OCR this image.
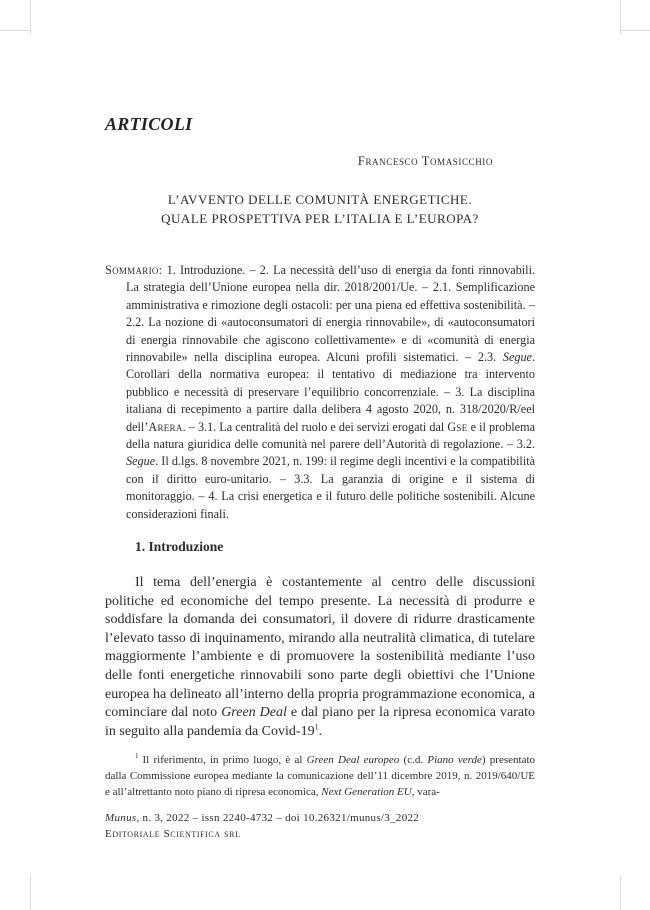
ARTICOLI
Francesco Tomasicchio
L’AVVENTO DELLE COMUNITÀ ENERGETICHE.
QUALE PROSPETTIVA PER L’ITALIA E L’EUROPA?
Sommario: 1. Introduzione. – 2. La necessità dell’uso di energia da fonti rinnovabili. La strategia dell’Unione europea nella dir. 2018/2001/Ue. – 2.1. Semplificazione amministrativa e rimozione degli ostacoli: per una piena ed effettiva sostenibilità. – 2.2. La nozione di «autoconsumatori di energia rinnovabile», di «autoconsumatori di energia rinnovabile che agiscono collettivamente» e di «comunità di energia rinnovabile» nella disciplina europea. Alcuni profili sistematici. – 2.3. Segue. Corollari della normativa europea: il tentativo di mediazione tra intervento pubblico e necessità di preservare l’equilibrio concorrenziale. – 3. La disciplina italiana di recepimento a partire dalla delibera 4 agosto 2020, n. 318/2020/R/eel dell’Arera. – 3.1. La centralità del ruolo e dei servizi erogati dal Gse e il problema della natura giuridica delle comunità nel parere dell’Autorità di regolazione. – 3.2. Segue. Il d.lgs. 8 novembre 2021, n. 199: il regime degli incentivi e la compatibilità con il diritto euro-unitario. – 3.3. La garanzia di origine e il sistema di monitoraggio. – 4. La crisi energetica e il futuro delle politiche sostenibili. Alcune considerazioni finali.
1. Introduzione

Il tema dell’energia è costantemente al centro delle discussioni politiche ed economiche del tempo presente. La necessità di produrre e soddisfare la domanda dei consumatori, il dovere di ridurre drasticamente l’elevato tasso di inquinamento, mirando alla neutralità climatica, di tutelare maggiormente l’ambiente e di promuovere la sostenibilità mediante l’uso delle fonti energetiche rinnovabili sono parte degli obiettivi che l’Unione europea ha delineato all’interno della propria programmazione economica, a cominciare dal noto Green Deal e dal piano per la ripresa economica varato in seguito alla pandemia da Covid-$19^1$.

$^1$ Il riferimento, in primo luogo, è al Green Deal europeo (c.d. Piano verde) presentato dalla Commissione europea mediante la comunicazione dell’11 dicembre 2019, n. 2019/640/UE e all’altrettanto noto piano di ripresa economica, Next Generation EU, vara-

Munus, n. 3, 2022 – issn 2240-4732 – doi 10.26321/munus/3_2022
Editoriale Scientifica srl
